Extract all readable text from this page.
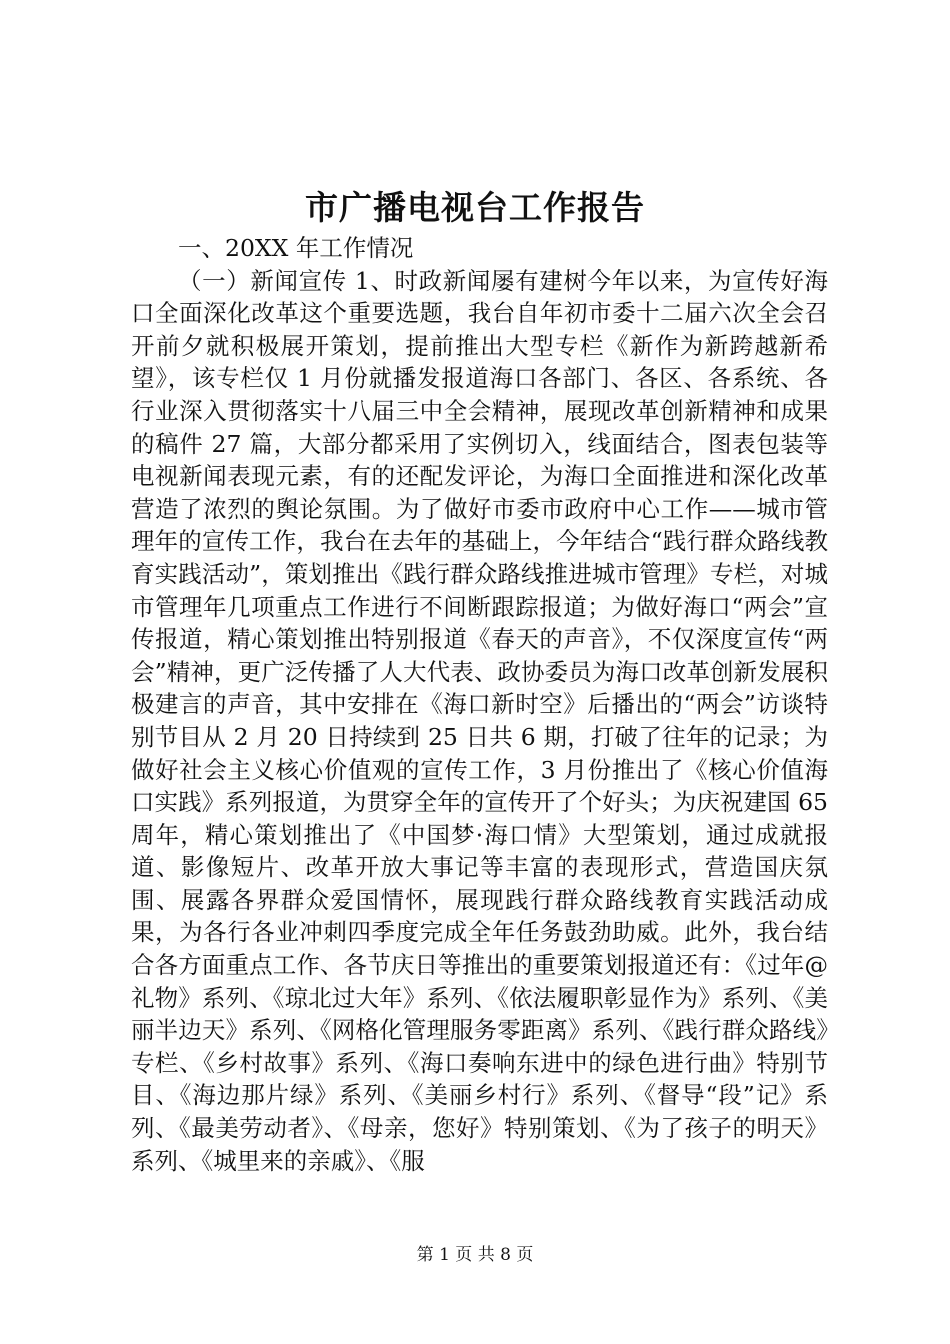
市广播电视台工作报告

一、20XX 年工作情况

（一）新闻宣传 1、时政新闻屡有建树今年以来，为宣传好海口全面深化改革这个重要选题，我台自年初市委十二届六次全会召开前夕就积极展开策划，提前推出大型专栏《新作为新跨越新希望》，该专栏仅 1 月份就播发报道海口各部门、各区、各系统、各行业深入贯彻落实十八届三中全会精神，展现改革创新精神和成果的稿件 27 篇，大部分都采用了实例切入，线面结合，图表包装等电视新闻表现元素，有的还配发评论，为海口全面推进和深化改革营造了浓烈的舆论氛围。为了做好市委市政府中心工作——城市管理年的宣传工作，我台在去年的基础上，今年结合“践行群众路线教育实践活动”，策划推出《践行群众路线推进城市管理》专栏，对城市管理年几项重点工作进行不间断跟踪报道；为做好海口“两会”宣传报道，精心策划推出特别报道《春天的声音》，不仅深度宣传“两会”精神，更广泛传播了人大代表、政协委员为海口改革创新发展积极建言的声音，其中安排在《海口新时空》后播出的“两会”访谈特别节目从 2 月 20 日持续到 25 日共 6 期，打破了往年的记录；为做好社会主义核心价值观的宣传工作，3 月份推出了《核心价值海口实践》系列报道，为贯穿全年的宣传开了个好头；为庆祝建国 65 周年，精心策划推出了《中国梦·海口情》大型策划，通过成就报道、影像短片、改革开放大事记等丰富的表现形式，营造国庆氛围、展露各界群众爱国情怀，展现践行群众路线教育实践活动成果，为各行各业冲刺四季度完成全年任务鼓劲助威。此外，我台结合各方面重点工作、各节庆日等推出的重要策划报道还有：《过年@礼物》系列、《琼北过大年》系列、《依法履职彰显作为》系列、《美丽半边天》系列、《网格化管理服务零距离》系列、《践行群众路线》专栏、《乡村故事》系列、《海口奏响东进中的绿色进行曲》特别节目、《海边那片绿》系列、《美丽乡村行》系列、《督导“段”记》系列、《最美劳动者》、《母亲，您好》特别策划、《为了孩子的明天》系列、《城里来的亲戚》、《服

第 1 页 共 8 页
